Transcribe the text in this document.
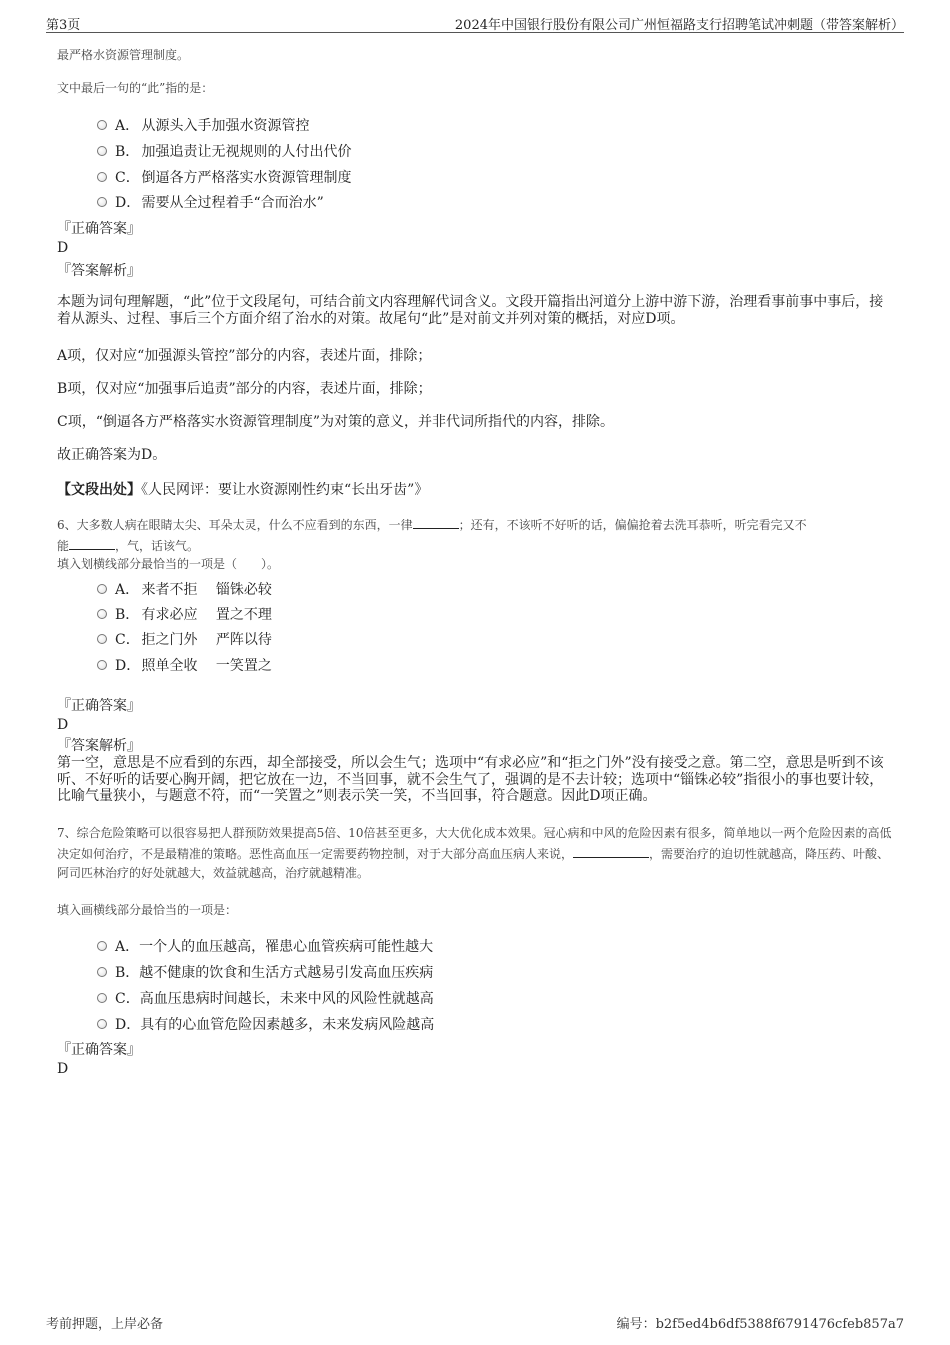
第3页	2024年中国银行股份有限公司广州恒福路支行招聘笔试冲刺题（带答案解析）
最严格水资源管理制度。
文中最后一句的“此”指的是：
A． 从源头入手加强水资源管控
B． 加强追责让无视规则的人付出代价
C． 倒逼各方严格落实水资源管理制度
D． 需要从全过程着手“合而治水”
『正确答案』
D
『答案解析』
本题为词句理解题，“此”位于文段尾句，可结合前文内容理解代词含义。文段开篇指出河道分上游中游下游，治理看事前事中事后，接着从源头、过程、事后三个方面介绍了治水的对策。故尾句“此”是对前文并列对策的概括，对应D项。
A项，仅对应“加强源头管控”部分的内容，表述片面，排除；
B项，仅对应“加强事后追责”部分的内容，表述片面，排除；
C项，“倒逼各方严格落实水资源管理制度”为对策的意义，并非代词所指代的内容，排除。
故正确答案为D。
【文段出处】《人民网评：要让水资源刚性约束“长出牙齿”》
6、大多数人病在眼睛太尖、耳朵太灵，什么不应看到的东西，一律	；还有，不该听不好听的话，偏偏抢着去洗耳恭听，听完看完又不
能	，气，话该气。
填入划横线部分最恰当的一项是（　　）。
A． 来者不拒　 锱铢必较
B． 有求必应　 置之不理
C． 拒之门外　 严阵以待
D． 照单全收　 一笑置之
『正确答案』
D
『答案解析』
第一空，意思是不应看到的东西，却全部接受，所以会生气；选项中“有求必应”和“拒之门外”没有接受之意。第二空，意思是听到不该听、不好听的话要心胸开阔，把它放在一边，不当回事，就不会生气了，强调的是不去计较；选项中“锱铢必较”指很小的事也要计较，比喻气量狭小，与题意不符，而“一笑置之”则表示笑一笑，不当回事，符合题意。因此D项正确。
7、综合危险策略可以很容易把人群预防效果提高5倍、10倍甚至更多，大大优化成本效果。冠心病和中风的危险因素有很多，简单地以一两个危险因素的高低决定如何治疗，不是最精准的策略。恶性高血压一定需要药物控制，对于大部分高血压病人来说，	，需要治疗的迫切性就越高，降压药、叶酸、阿司匹林治疗的好处就越大，效益就越高，治疗就越精准。
填入画横线部分最恰当的一项是：
A．一个人的血压越高，罹患心血管疾病可能性越大
B．越不健康的饮食和生活方式越易引发高血压疾病
C．高血压患病时间越长，未来中风的风险性就越高
D．具有的心血管危险因素越多，未来发病风险越高
『正确答案』
D
考前押题，上岸必备	编号：b2f5ed4b6df5388f6791476cfeb857a7
